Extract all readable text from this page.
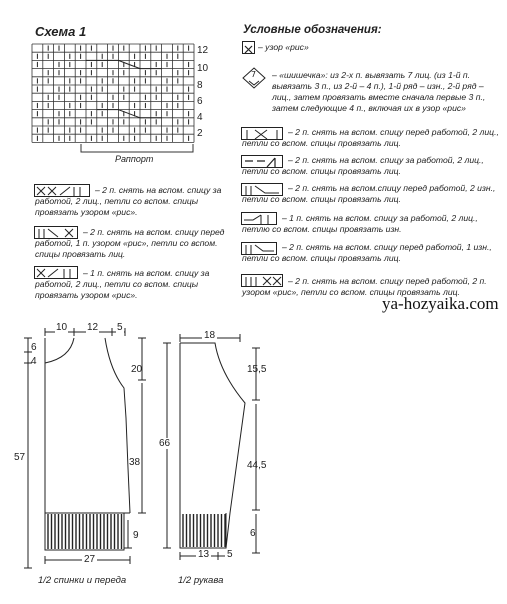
Схема 1
12
10
8
6
4
2
Раппорт
Условные обозначения:
– узор «рис»
7 – «шишечка»: из 2-х п. вывязать 7 лиц. (из 1-й п. вывязать 3 п., из 2-й – 4 п.), 1-й ряд – изн., 2-й ряд – лиц., затем провязать вместе сначала первые 3 п., затем следующие 4 п., включая их в узор «рис»
– 2 п. снять на вспом. спицу перед работой, 2 лиц., петли со вспом. спицы провязать лиц.
– 2 п. снять на вспом. спицу за работой, 2 лиц., петли со вспом. спицы провязать лиц.
– 2 п. снять на вспом.спицу перед работой, 2 изн., петли со вспом. спицы провязать лиц.
– 1 п. снять на вспом. спицу за работой, 2 лиц., петлю со вспом. спицы провязать изн.
– 2 п. снять на вспом. спицу перед работой, 1 изн., петли со вспом. спицы провязать лиц.
– 2 п. снять на вспом. спицу перед работой, 2 п. узором «рис», петли со вспом. спицы провязать лиц.
– 2 п. снять на вспом. спицу за работой, 2 лиц., петли со вспом. спицы провязать узором «рис».
– 2 п. снять на вспом. спицу перед работой, 1 п. узором «рис», петли со вспом. спицы провязать лиц.
– 1 п. снять на вспом. спицу за работой, 2 лиц., петли со вспом. спицы провязать узором «рис».	ya-hozyaika.com
10 12 5
6
4
20
57	38
9
27
1/2 спинки и переда
18
15,5
66
44,5
6
13 5
1/2 рукава
